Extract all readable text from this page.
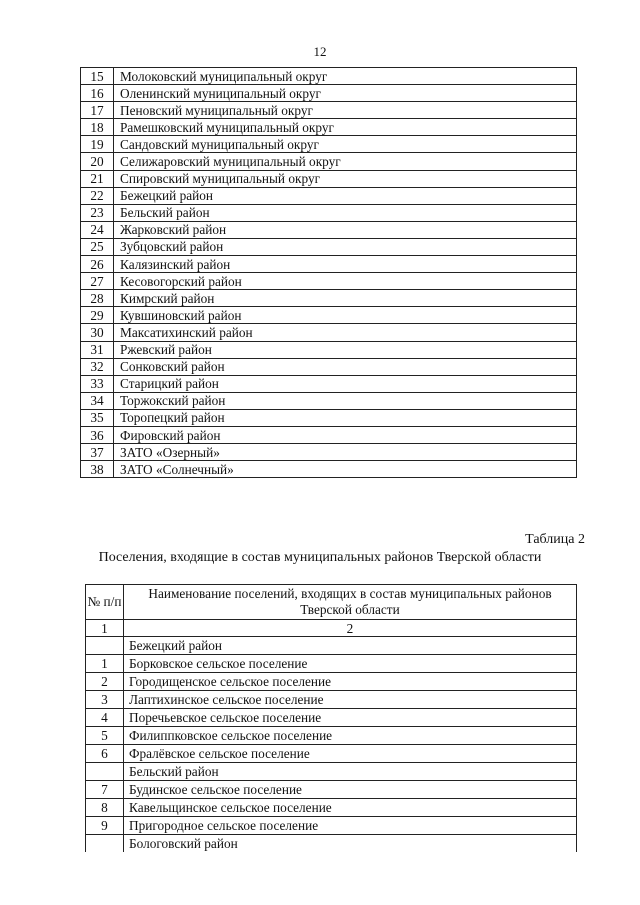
12
15	Молоковский муниципальный округ
16	Оленинский муниципальный округ
17	Пеновский муниципальный округ
18	Рамешковский муниципальный округ
19	Сандовский муниципальный округ
20	Селижаровский муниципальный округ
21	Спировский муниципальный округ
22	Бежецкий район
23	Бельский район
24	Жарковский район
25	Зубцовский район
26	Калязинский район
27	Кесовогорский район
28	Кимрский район
29	Кувшиновский район
30	Максатихинский район
31	Ржевский район
32	Сонковский район
33	Старицкий район
34	Торжокский район
35	Торопецкий район
36	Фировский район
37	ЗАТО «Озерный»
38	ЗАТО «Солнечный»
Таблица 2
Поселения, входящие в состав муниципальных районов Тверской области
№ п/п	Наименование поселений, входящих в состав муниципальных районов Тверской области
1	2
	Бежецкий район
1	Борковское сельское поселение
2	Городищенское сельское поселение
3	Лаптихинское сельское поселение
4	Поречьевское сельское поселение
5	Филиппковское сельское поселение
6	Фралёвское сельское поселение
	Бельский район
7	Будинское сельское поселение
8	Кавельщинское сельское поселение
9	Пригородное сельское поселение
	Бологовский район
